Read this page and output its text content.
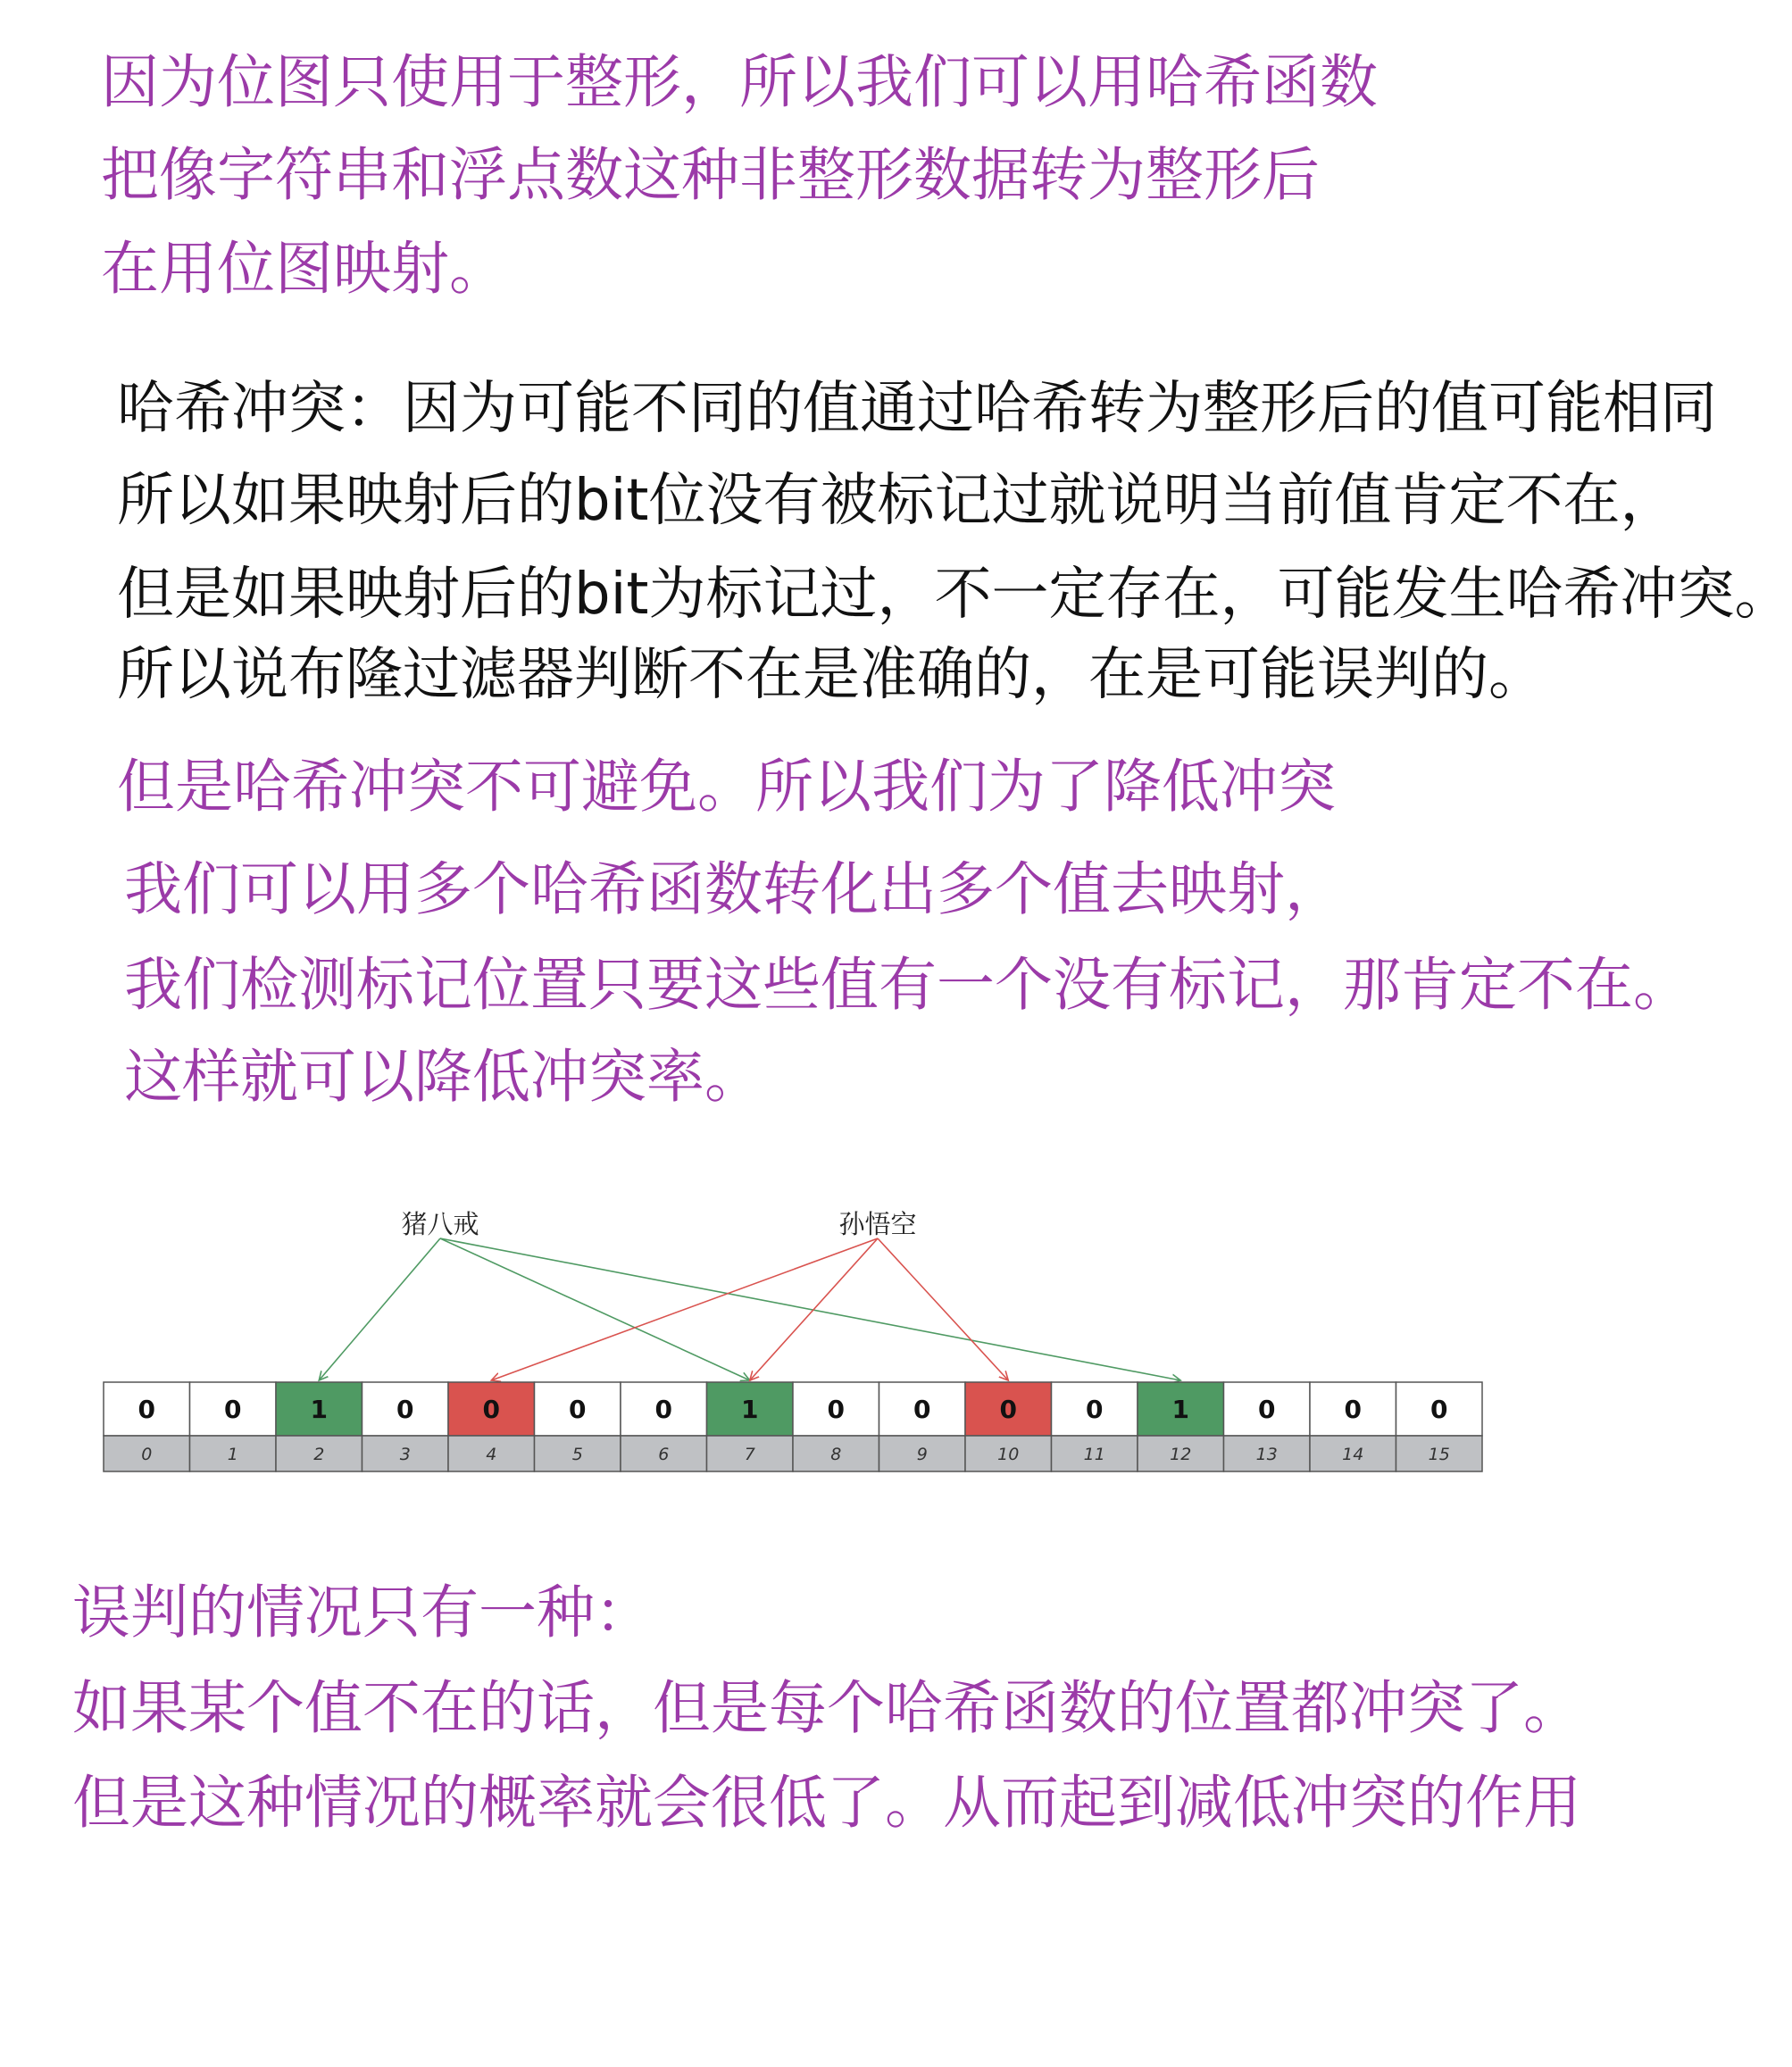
因为位图只使用于整形，所以我们可以用哈希函数

把像字符串和浮点数这种非整形数据转为整形后

在用位图映射。

哈希冲突：因为可能不同的值通过哈希转为整形后的值可能相同

所以如果映射后的bit位没有被标记过就说明当前值肯定不在，

但是如果映射后的bit为标记过，不一定存在，可能发生哈希冲突。

所以说布隆过滤器判断不在是准确的，在是可能误判的。

但是哈希冲突不可避免。所以我们为了降低冲突

我们可以用多个哈希函数转化出多个值去映射，

我们检测标记位置只要这些值有一个没有标记，那肯定不在。

这样就可以降低冲突率。

0
0
0
1
1
2
0
3
0
4
0
5
0
6
1
7
0
8
0
9
0
10
0
11
1
12
0
13
0
14
0
15
猪八戒	孙悟空

误判的情况只有一种：

如果某个值不在的话，但是每个哈希函数的位置都冲突了。

但是这种情况的概率就会很低了。从而起到减低冲突的作用
